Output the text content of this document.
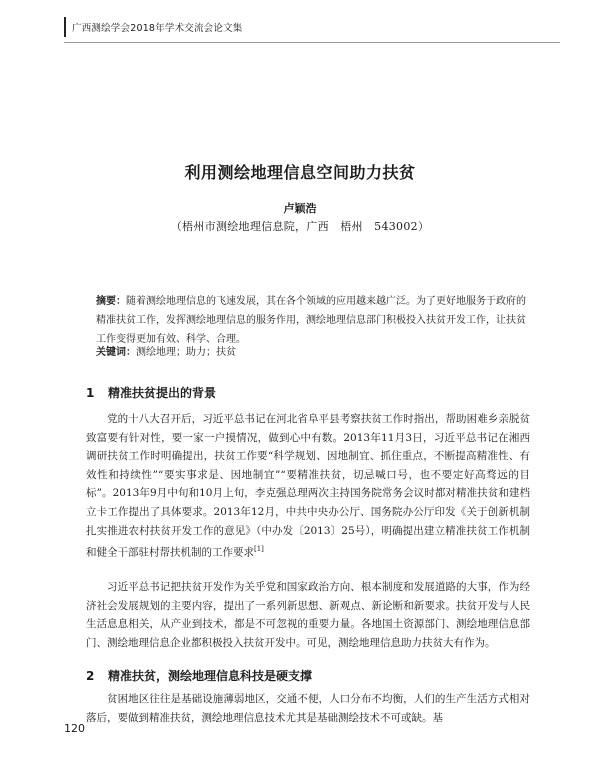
广西测绘学会2018年学术交流会论文集
利用测绘地理信息空间助力扶贫
卢颖浩
（梧州市测绘地理信息院，广西　梧州　543002）
摘要：随着测绘地理信息的飞速发展，其在各个领域的应用越来越广泛。为了更好地服务于政府的精准扶贫工作，发挥测绘地理信息的服务作用，测绘地理信息部门积极投入扶贫开发工作，让扶贫工作变得更加有效、科学、合理。
关键词：测绘地理；助力；扶贫
1 精准扶贫提出的背景
党的十八大召开后，习近平总书记在河北省阜平县考察扶贫工作时指出，帮助困难乡亲脱贫致富要有针对性，要一家一户摸情况，做到心中有数。2013年11月3日，习近平总书记在湘西调研扶贫工作时明确提出，扶贫工作要“科学规划、因地制宜、抓住重点，不断提高精准性、有效性和持续性”“要实事求是、因地制宜”“要精准扶贫，切忌喊口号，也不要定好高骛远的目标”。2013年9月中旬和10月上旬，李克强总理两次主持国务院常务会议时都对精准扶贫和建档立卡工作提出了具体要求。2013年12月，中共中央办公厅、国务院办公厅印发《关于创新机制扎实推进农村扶贫开发工作的意见》（中办发〔2013〕25号），明确提出建立精准扶贫工作机制和健全干部驻村帮扶机制的工作要求[1]
习近平总书记把扶贫开发作为关乎党和国家政治方向、根本制度和发展道路的大事，作为经济社会发展规划的主要内容，提出了一系列新思想、新观点、新论断和新要求。扶贫开发与人民生活息息相关，从产业到技术，都是不可忽视的重要力量。各地国土资源部门、测绘地理信息部门、测绘地理信息企业都积极投入扶贫开发中。可见，测绘地理信息助力扶贫大有作为。
2 精准扶贫，测绘地理信息科技是硬支撑
贫困地区往往是基础设施薄弱地区，交通不便，人口分布不均衡，人们的生产生活方式相对落后，要做到精准扶贫，测绘地理信息技术尤其是基础测绘技术不可或缺。基
120
